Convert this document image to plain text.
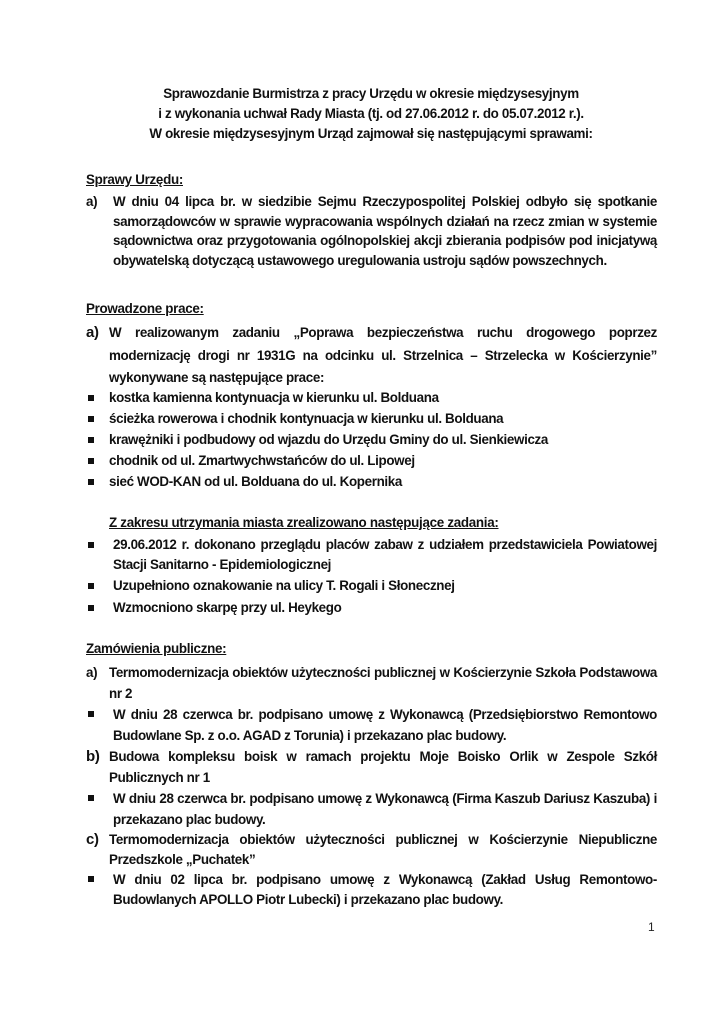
Sprawozdanie Burmistrza z pracy Urzędu w okresie międzysesyjnym
i z wykonania uchwał Rady Miasta (tj. od 27.06.2012 r. do 05.07.2012 r.).
W okresie międzysesyjnym Urząd zajmował się następującymi sprawami:
Sprawy Urzędu:
a) W dniu 04 lipca br. w siedzibie Sejmu Rzeczypospolitej Polskiej odbyło się spotkanie samorządowców w sprawie wypracowania wspólnych działań na rzecz zmian w systemie sądownictwa oraz przygotowania ogólnopolskiej akcji zbierania podpisów pod inicjatywą obywatelską dotyczącą ustawowego uregulowania ustroju sądów powszechnych.
Prowadzone prace:
a) W realizowanym zadaniu „Poprawa bezpieczeństwa ruchu drogowego poprzez modernizację drogi nr 1931G na odcinku ul. Strzelnica – Strzelecka w Kościerzynie” wykonywane są następujące prace:
kostka kamienna kontynuacja w kierunku ul. Bolduana
ścieżka rowerowa i chodnik kontynuacja w kierunku ul. Bolduana
krawężniki i podbudowy od wjazdu do Urzędu Gminy do ul. Sienkiewicza
chodnik od ul. Zmartwychwstańców do ul. Lipowej
sieć WOD-KAN od ul. Bolduana do ul. Kopernika
Z zakresu utrzymania miasta zrealizowano następujące zadania:
29.06.2012 r. dokonano przeglądu placów zabaw z udziałem przedstawiciela Powiatowej Stacji Sanitarno - Epidemiologicznej
Uzupełniono oznakowanie na ulicy T. Rogali i Słonecznej
Wzmocniono skarpę przy ul. Heykego
Zamówienia publiczne:
a) Termomodernizacja obiektów użyteczności publicznej w Kościerzynie Szkoła Podstawowa nr 2
W dniu 28 czerwca br. podpisano umowę z Wykonawcą (Przedsiębiorstwo Remontowo Budowlane Sp. z o.o. AGAD z Torunia) i przekazano plac budowy.
b) Budowa kompleksu boisk w ramach projektu Moje Boisko Orlik w Zespole Szkół Publicznych nr 1
W dniu 28 czerwca br. podpisano umowę z Wykonawcą (Firma Kaszub Dariusz Kaszuba) i przekazano plac budowy.
c) Termomodernizacja obiektów użyteczności publicznej w Kościerzynie Niepubliczne Przedszkole „Puchatek”
W dniu 02 lipca br. podpisano umowę z Wykonawcą (Zakład Usług Remontowo-Budowlanych APOLLO Piotr Lubecki) i przekazano plac budowy.
1
